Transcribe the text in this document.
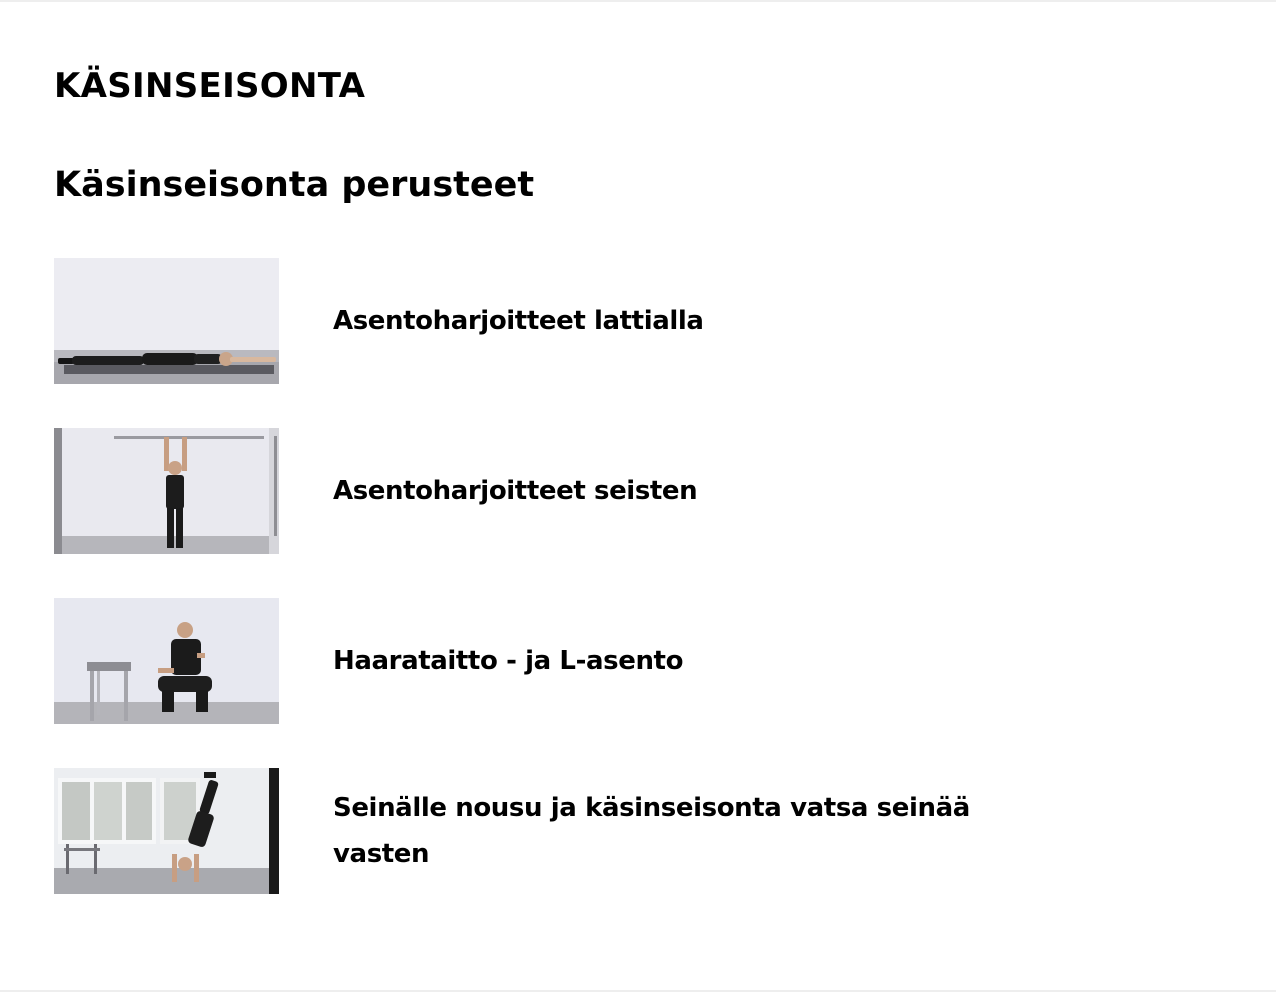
KÄSINSEISONTA
Käsinseisonta perusteet
Asentoharjoitteet lattialla
Asentoharjoitteet seisten
Haarataitto - ja L-asento
Seinälle nousu ja käsinseisonta vatsa seinää vasten
